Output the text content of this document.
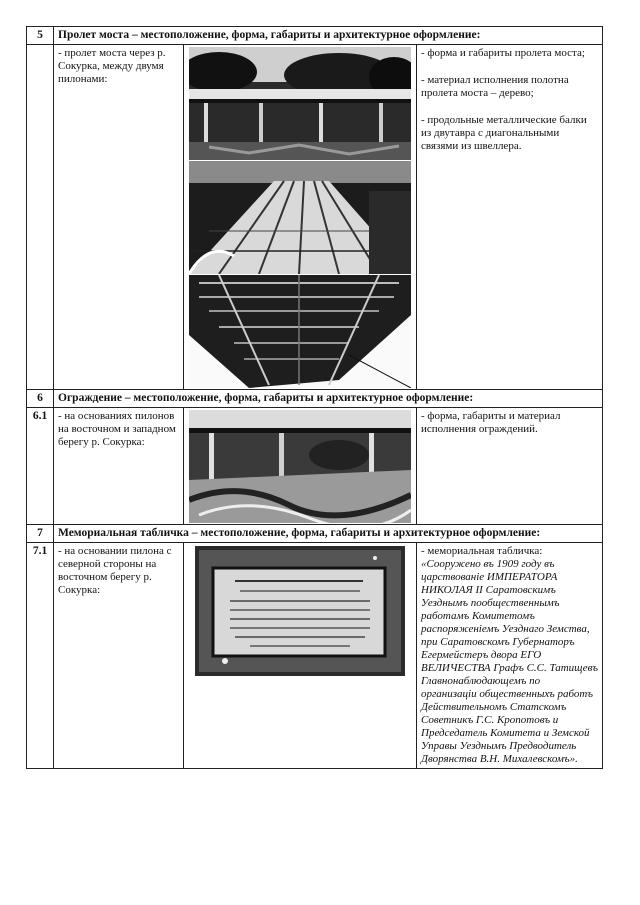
5	Пролет моста – местоположение, форма, габариты и архитектурное оформление:		
	- пролет моста через р. Сокурка, между двумя пилонами:		- форма и габариты пролета моста;

- материал исполнения полотна пролета моста – дерево;

- продольные металлические балки из двутавра с диагональными связями из швеллера.

6	Ограждение – местоположение, форма, габариты и архитектурное оформление:		
6.1	- на основаниях пилонов на восточном и западном берегу р. Сокурка:		- форма, габариты и материал исполнения ограждений.

7	Мемориальная табличка – местоположение, форма, габариты и архитектурное оформление:		
7.1	- на основании пилона с северной стороны на восточном берегу р. Сокурка:		- мемориальная табличка:
«Сооружено въ 1909 году въ царствованіе ИМПЕРАТОРА НИКОЛАЯ II Саратовскимъ Уезднымъ пообщественнымъ работамъ Комитетомъ распоряженіемъ Уезднаго Земства, при Саратовскомъ Губернаторъ Егермейстеръ двора ЕГО ВЕЛИЧЕСТВА Графъ С.С. Татищевъ Главнонаблюдающемъ по организаціи общественныхъ работъ Действительномъ Статскомъ Советникъ Г.С. Кропотовъ и Председатель Комитета и Земской Управы Уезднымъ Предводитель Дворянства В.Н. Михалевскомъ».
